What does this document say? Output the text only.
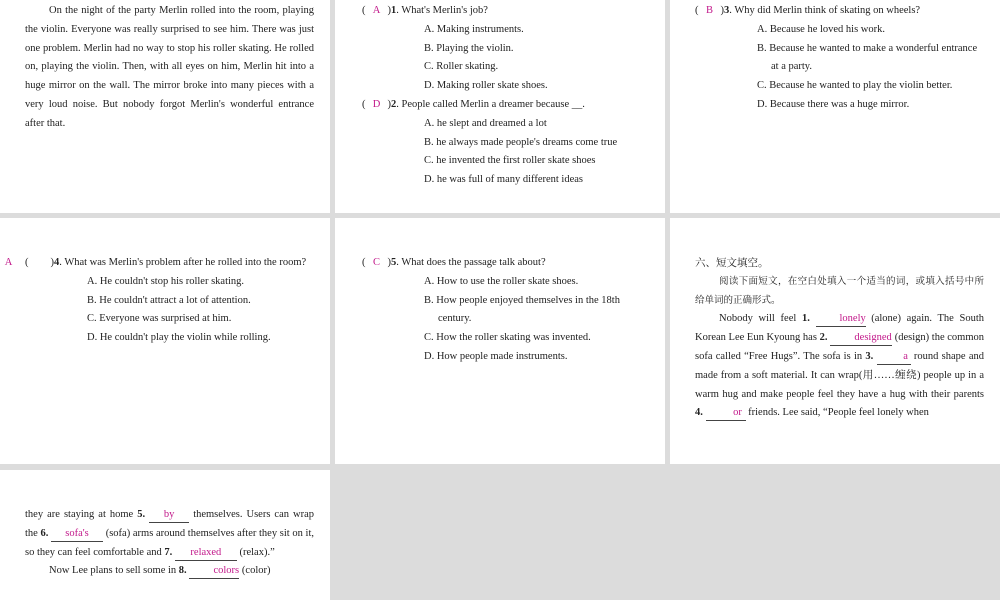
On the night of the party Merlin rolled into the room, playing the violin. Everyone was really surprised to see him. There was just one problem. Merlin had no way to stop his roller skating. He rolled on, playing the violin. Then, with all eyes on him, Merlin hit into a huge mirror on the wall. The mirror broke into many pieces with a very loud noise. But nobody forgot Merlin's wonderful entrance after that.

( A )1. What's Merlin's job?
A. Making instruments.
B. Playing the violin.
C. Roller skating.
D. Making roller skate shoes.
( D )2. People called Merlin a dreamer because __.
A. he slept and dreamed a lot
B. he always made people's dreams come true
C. he invented the first roller skate shoes
D. he was full of many different ideas
( B )3. Why did Merlin think of skating on wheels?
A. Because he loved his work.
B. Because he wanted to make a wonderful entrance at a party.
C. Because he wanted to play the violin better.
D. Because there was a huge mirror.
(A	)4. What was Merlin's problem after he rolled into the room?
A. He couldn't stop his roller skating.
B. He couldn't attract a lot of attention.
C. Everyone was surprised at him.
D. He couldn't play the violin while rolling.
( C )5. What does the passage talk about?
A. How to use the roller skate shoes.
B. How people enjoyed themselves in the 18th century.
C. How the roller skating was invented.
D. How people made instruments.

六、短文填空。

阅读下面短文，在空白处填入一个适当的词，或填入括号中所给单词的正确形式。

Nobody will feel 1.	lonely (alone) again. The South Korean Lee Eun Kyoung has 2.	designed (design) the common sofa called “Free Hugs”. The sofa is in 3.	a round shape and made from a soft material. It can wrap(用……缠绕) people up in a warm hug and make people feel they have a hug with their parents 4.	or friends. Lee said, “People feel lonely when

they are staying at home 5. by themselves. Users can wrap the 6. sofa's (sofa) arms around themselves after they sit on it, so they can feel comfortable and 7. relaxed (relax).”

Now Lee plans to sell some in 8.	colors (color)
